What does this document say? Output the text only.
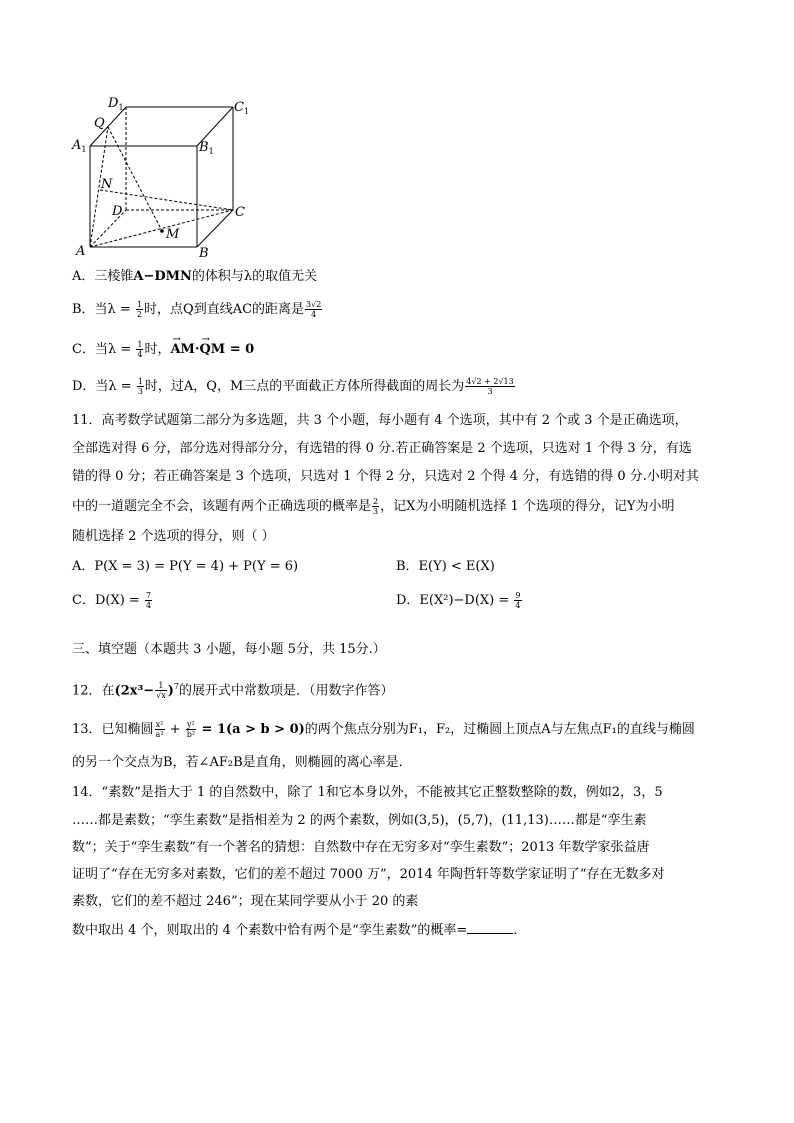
$D_1$	$C_1$
Q
$A_1$	$B_1$
N
D	C
M
A	B
A．三棱锥A−DMN的体积与λ的取值无关
B．当$\lambda = \frac{1}{2}$ 时，点Q到直线AC的距离是 $\frac{3√2}{4}$
C．当$\lambda = \frac{1}{4}$ 时，→ AM·→ QM = 0
D．当$\lambda = \frac{1}{3}$ 时，过A，Q，M三点的平面截正方体所得截面的周长为 $\frac{4√2 + 2√13}{3}$
11．高考数学试题第二部分为多选题，共 3 个小题，每小题有 4 个选项，其中有 2 个或 3 个是正确选项，
全部选对得 6 分，部分选对得部分分，有选错的得 0 分.若正确答案是 2 个选项，只选对 1 个得 3 分，有选
错的得 0 分；若正确答案是 3 个选项，只选对 1 个得 2 分，只选对 2 个得 4 分，有选错的得 0 分.小明对其
中的一道题完全不会，该题有两个正确选项的概率是 $\frac{2}{3}$ ，记X为小明随机选择 1 个选项的得分，记Y为小明
随机选择 2 个选项的得分，则（ ）
A．P(X = 3) = P(Y = 4) + P(Y = 6)	B．E(Y) < E(X)
C．$D(X) = \frac{7}{4}$	D．$E(X^2)-D(X) = \frac{9}{4}$
三、填空题（本题共 3 小题，每小题 5分，共 15分.）
12．在$(2x^3- \frac{1}{√x} )^7$的展开式中常数项是．（用数字作答）
13．已知椭圆 $\frac{\text{x²}}{\text{a²}} + \frac{\text{y²}}{\text{b²}} = 1(a > b > 0)$的两个焦点分别为F₁，F₂，过椭圆上顶点A与左焦点F₁的直线与椭圆
的另一个交点为B，若∠AF₂B是直角，则椭圆的离心率是．
14．“素数”是指大于 1 的自然数中，除了 1和它本身以外，不能被其它正整数整除的数，例如2，3，5
……都是素数；“孪生素数”是指相差为 2 的两个素数，例如(3,5)，(5,7)，(11,13)……都是“孪生素
数”；关于“孪生素数”有一个著名的猜想：自然数中存在无穷多对“孪生素数”；2013 年数学家张益唐
证明了“存在无穷多对素数，它们的差不超过 7000 万”，2014 年陶哲轩等数学家证明了“存在无数多对
素数，它们的差不超过 246”；现在某同学要从小于 20 的素
数中取出 4 个，则取出的 4 个素数中恰有两个是“孪生素数”的概率=	.
